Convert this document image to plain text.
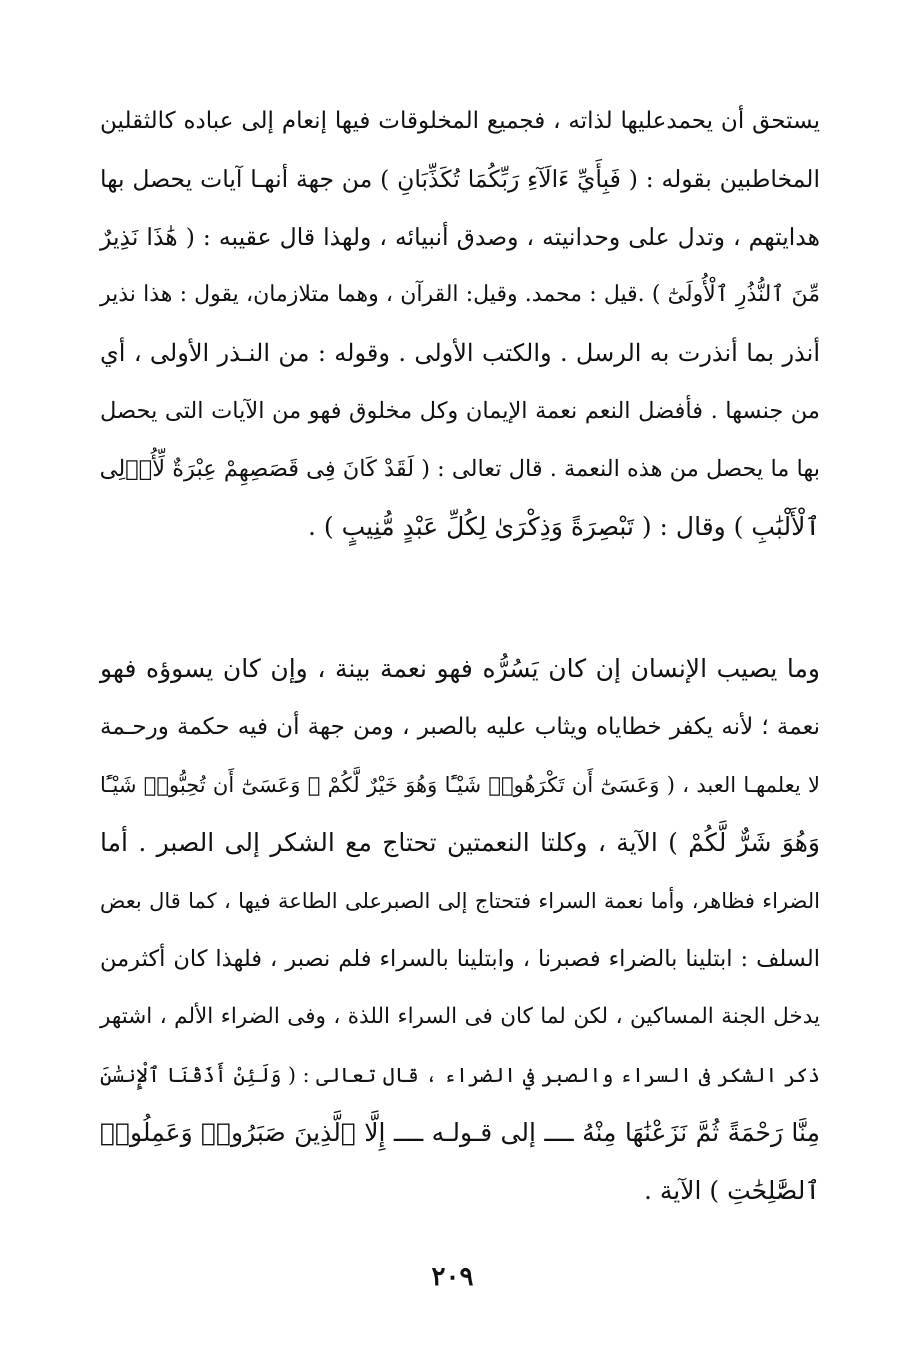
يستحق أن يحمدعليها لذاته ، فجميع المخلوقات فيها إنعام إلى عباده كالثقلين
المخاطبين بقوله : ( فَبِأَيِّ ءَالَآءِ رَبِّكُمَا تُكَذِّبَانِ ) من جهة أنهـا آيات يحصل بها
هدايتهم ، وتدل على وحدانيته ، وصدق أنبيائه ، ولهذا قال عقيبه : ( هَٰذَا نَذِيرٌ
مِّنَ ٱلنُّذُرِ ٱلْأُولَىٰٓ ) .قيل : محمد. وقيل: القرآن ، وهما متلازمان، يقول : هذا نذير
أنذر بما أنذرت به الرسل . والكتب الأولى . وقوله : من النـذر الأولى ، أي
من جنسها . فأفضل النعم نعمة الإيمان وكل مخلوق فهو من الآيات التى يحصل
بها ما يحصل من هذه النعمة . قال تعالى : ( لَقَدْ كَانَ فِى قَصَصِهِمْ عِبْرَةٌ لِّأُو۟لِى
ٱلْأَلْبَٰبِ ) وقال : ( تَبْصِرَةً وَذِكْرَىٰ لِكُلِّ عَبْدٍ مُّنِيبٍ ) .
وما يصيب الإنسان إن كان يَسُرُّه فهو نعمة بينة ، وإن كان يسوؤه فهو
نعمة ؛ لأنه يكفر خطاياه ويثاب عليه بالصبر ، ومن جهة أن فيه حكمة ورحـمة
لا يعلمهـا العبد ، ( وَعَسَىٰٓ أَن تَكْرَهُوا۟ شَيْـًٔا وَهُوَ خَيْرٌ لَّكُمْ ۖ وَعَسَىٰٓ أَن تُحِبُّوا۟ شَيْـًٔا
وَهُوَ شَرٌّ لَّكُمْ ) الآية ، وكلتا النعمتين تحتاج مع الشكر إلى الصبر . أما
الضراء فظاهر، وأما نعمة السراء فتحتاج إلى الصبرعلى الطاعة فيها ، كما قال بعض
السلف : ابتلينا بالضراء فصبرنا ، وابتلينا بالسراء فلم نصبر ، فلهذا كان أكثرمن
يدخل الجنة المساكين ، لكن لما كان فى السراء اللذة ، وفى الضراء الألم ، اشتهر
ذكر الشكر فى السراء والصبر في الضراء ، قال تعالى : ( وَلَئِنْ أَذَقْنَا ٱلْإِنسَٰنَ
مِنَّا رَحْمَةً ثُمَّ نَزَعْنَٰهَا مِنْهُ ــــ إلى قـولـه ــــ إِلَّا ٱلَّذِينَ صَبَرُوا۟ وَعَمِلُوا۟
ٱلصَّٰلِحَٰتِ ) الآية .
٢٠٩
